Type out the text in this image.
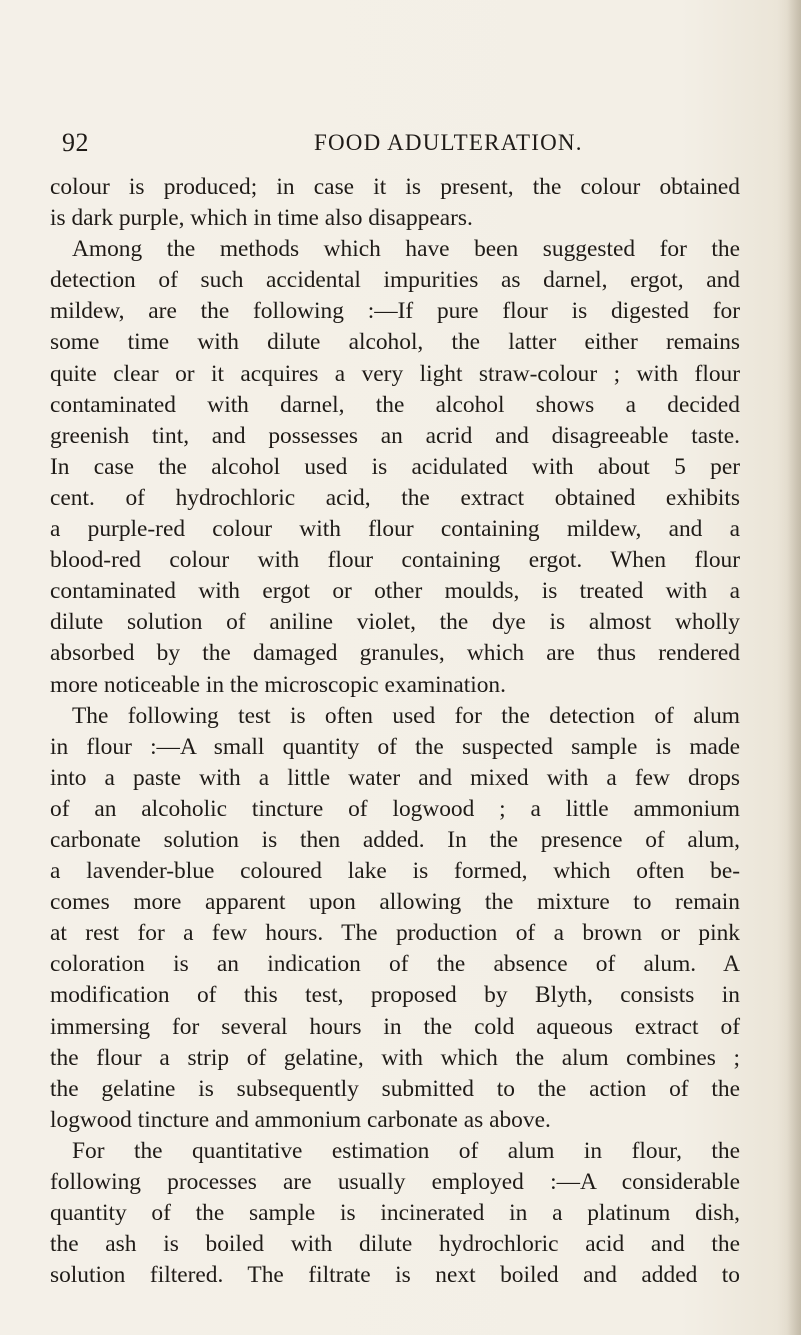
92	FOOD ADULTERATION.
colour is produced; in case it is present, the colour obtained
is dark purple, which in time also disappears.
Among the methods which have been suggested for the
detection of such accidental impurities as darnel, ergot, and
mildew, are the following :—If pure flour is digested for
some time with dilute alcohol, the latter either remains
quite clear or it acquires a very light straw-colour ; with flour
contaminated with darnel, the alcohol shows a decided
greenish tint, and possesses an acrid and disagreeable taste.
In case the alcohol used is acidulated with about 5 per
cent. of hydrochloric acid, the extract obtained exhibits
a purple-red colour with flour containing mildew, and a
blood-red colour with flour containing ergot. When flour
contaminated with ergot or other moulds, is treated with a
dilute solution of aniline violet, the dye is almost wholly
absorbed by the damaged granules, which are thus rendered
more noticeable in the microscopic examination.
The following test is often used for the detection of alum
in flour :—A small quantity of the suspected sample is made
into a paste with a little water and mixed with a few drops
of an alcoholic tincture of logwood ; a little ammonium
carbonate solution is then added. In the presence of alum,
a lavender-blue coloured lake is formed, which often be-
comes more apparent upon allowing the mixture to remain
at rest for a few hours. The production of a brown or pink
coloration is an indication of the absence of alum. A
modification of this test, proposed by Blyth, consists in
immersing for several hours in the cold aqueous extract of
the flour a strip of gelatine, with which the alum combines ;
the gelatine is subsequently submitted to the action of the
logwood tincture and ammonium carbonate as above.
For the quantitative estimation of alum in flour, the
following processes are usually employed :—A considerable
quantity of the sample is incinerated in a platinum dish,
the ash is boiled with dilute hydrochloric acid and the
solution filtered. The filtrate is next boiled and added to
